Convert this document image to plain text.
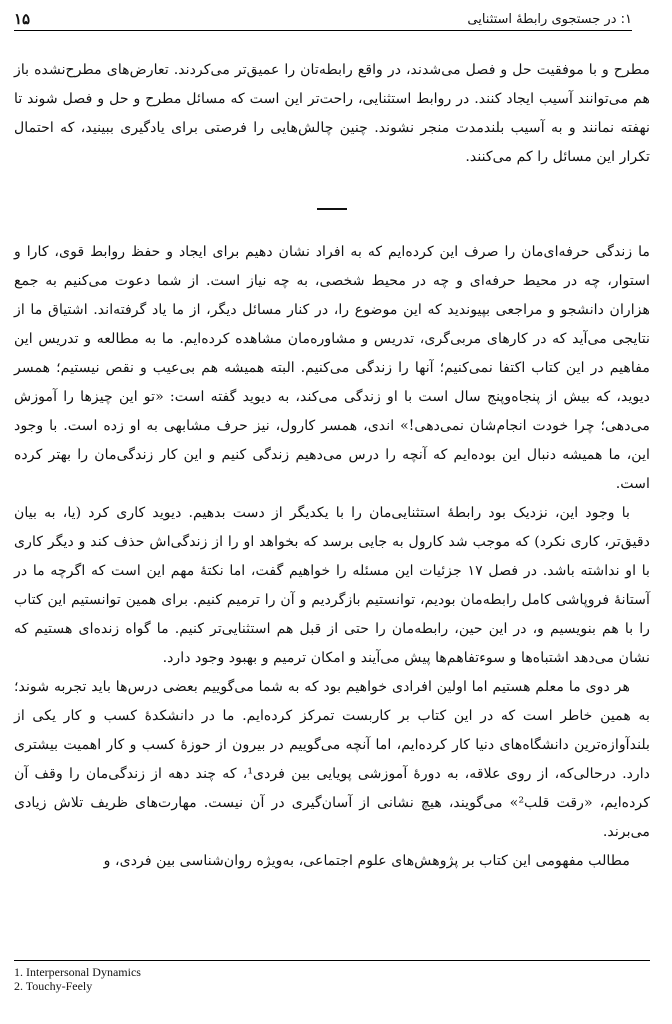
۱۵	۱: در جستجوی رابطهٔ استثنایی

مطرح و با موفقیت حل و فصل می‌شدند، در واقع رابطه‌تان را عمیق‌تر می‌کردند. تعارض‌های مطرح‌نشده باز هم می‌توانند آسیب ایجاد کنند. در روابط استثنایی، راحت‌تر این است که مسائل مطرح و حل و فصل شوند تا نهفته نمانند و به آسیب بلندمدت منجر نشوند. چنین چالش‌هایی را فرصتی برای یادگیری ببینید، که احتمال تکرار این مسائل را کم می‌کنند.

ما زندگی حرفه‌ای‌مان را صرف این کرده‌ایم که به افراد نشان دهیم برای ایجاد و حفظ روابط قوی، کارا و استوار، چه در محیط حرفه‌ای و چه در محیط شخصی، به چه نیاز است. از شما دعوت می‌کنیم به جمع هزاران دانشجو و مراجعی بپیوندید که این موضوع را، در کنار مسائل دیگر، از ما یاد گرفته‌اند. اشتیاق ما از نتایجی می‌آید که در کارهای مربی‌گری، تدریس و مشاوره‌مان مشاهده کرده‌ایم. ما به مطالعه و تدریس این مفاهیم در این کتاب اکتفا نمی‌کنیم؛ آنها را زندگی می‌کنیم. البته همیشه هم بی‌عیب و نقص نیستیم؛ همسر دیوید، که بیش از پنجاه‌وپنج سال است با او زندگی می‌کند، به دیوید گفته است: «تو این چیزها را آموزش می‌دهی؛ چرا خودت انجام‌شان نمی‌دهی!» اندی، همسر کارول، نیز حرف مشابهی به او زده است. با وجود این، ما همیشه دنبال این بوده‌ایم که آنچه را درس می‌دهیم زندگی کنیم و این کار زندگی‌مان را بهتر کرده است.

با وجود این، نزدیک بود رابطهٔ استثنایی‌مان را با یکدیگر از دست بدهیم. دیوید کاری کرد (یا، به بیان دقیق‌تر، کاری نکرد) که موجب شد کارول به جایی برسد که بخواهد او را از زندگی‌اش حذف کند و دیگر کاری با او نداشته باشد. در فصل ۱۷ جزئیات این مسئله را خواهیم گفت، اما نکتهٔ مهم این است که اگرچه ما در آستانهٔ فروپاشی کامل رابطه‌مان بودیم، توانستیم بازگردیم و آن را ترمیم کنیم. برای همین توانستیم این کتاب را با هم بنویسیم و، در این حین، رابطه‌مان را حتی از قبل هم استثنایی‌تر کنیم. ما گواه زنده‌ای هستیم که نشان می‌دهد اشتباه‌ها و سوءتفاهم‌ها پیش می‌آیند و امکان ترمیم و بهبود وجود دارد.

هر دوی ما معلم هستیم اما اولین افرادی خواهیم بود که به شما می‌گوییم بعضی درس‌ها باید تجربه شوند؛ به همین خاطر است که در این کتاب بر کاربست تمرکز کرده‌ایم. ما در دانشکدهٔ کسب و کار یکی از بلندآوازه‌ترین دانشگاه‌های دنیا کار کرده‌ایم، اما آنچه می‌گوییم در بیرون از حوزهٔ کسب و کار اهمیت بیشتری دارد. درحالی‌که، از روی علاقه، به دورهٔ آموزشی پویایی بین فردی¹، که چند دهه از زندگی‌مان را وقف آن کرده‌ایم، «رقت قلب²» می‌گویند، هیچ نشانی از آسان‌گیری در آن نیست. مهارت‌های ظریف تلاش زیادی می‌برند.

مطالب مفهومی این کتاب بر پژوهش‌های علوم اجتماعی، به‌ویژه روان‌شناسی بین فردی، و

1. Interpersonal Dynamics
2. Touchy-Feely
